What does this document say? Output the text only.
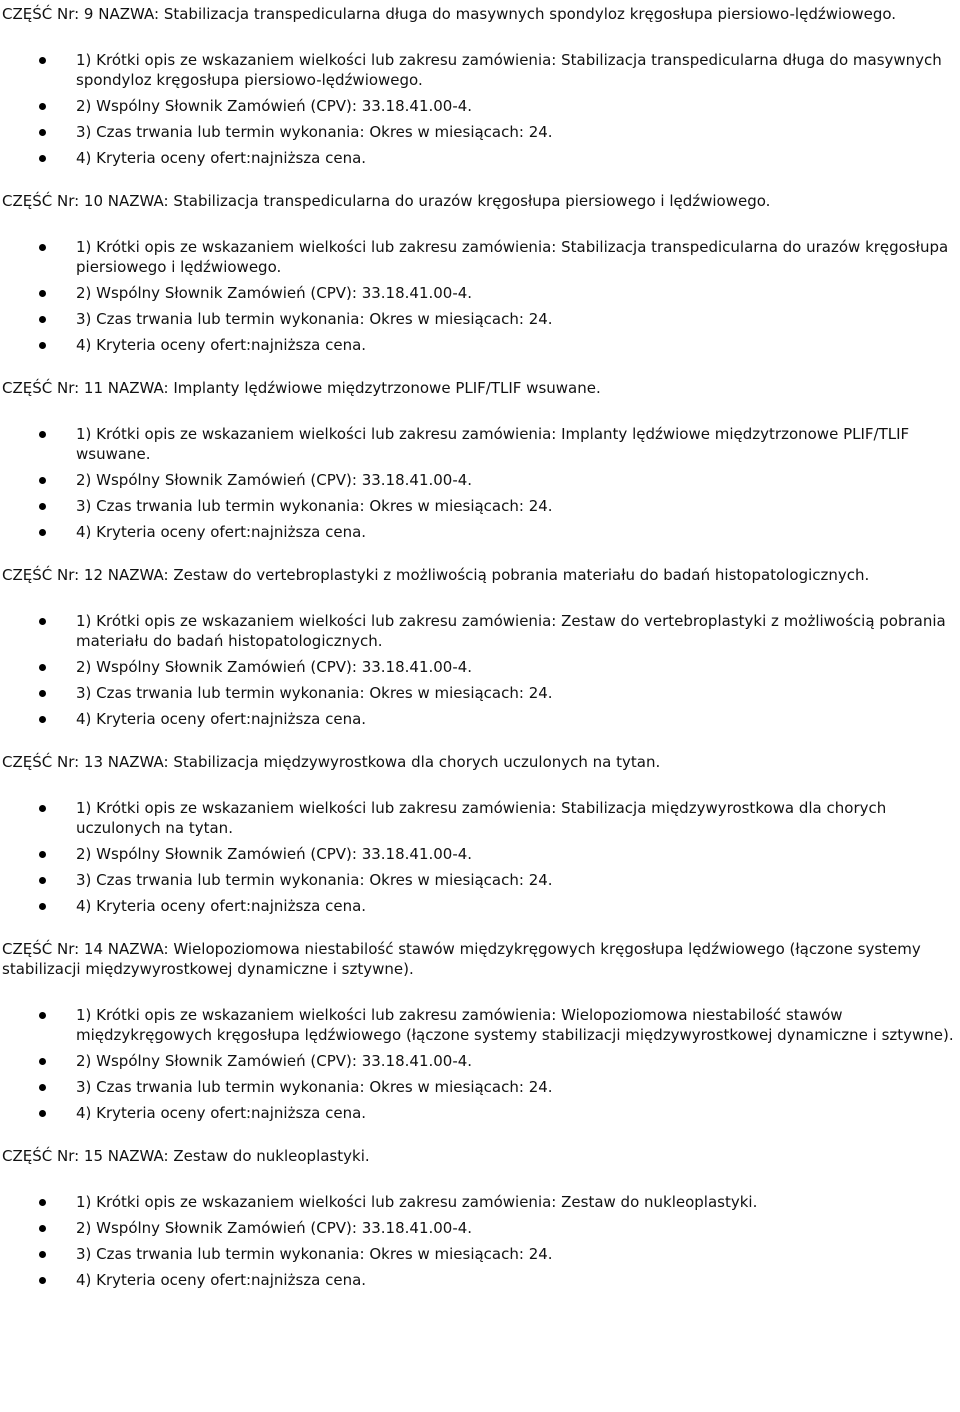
CZĘŚĆ Nr: 9 NAZWA: Stabilizacja transpedicularna długa do masywnych spondyloz kręgosłupa piersiowo-lędźwiowego.

1) Krótki opis ze wskazaniem wielkości lub zakresu zamówienia: Stabilizacja transpedicularna długa do masywnych spondyloz kręgosłupa piersiowo-lędźwiowego.
2) Wspólny Słownik Zamówień (CPV): 33.18.41.00-4.
3) Czas trwania lub termin wykonania: Okres w miesiącach: 24.
4) Kryteria oceny ofert:najniższa cena.

CZĘŚĆ Nr: 10 NAZWA: Stabilizacja transpedicularna do urazów kręgosłupa piersiowego i lędźwiowego.

1) Krótki opis ze wskazaniem wielkości lub zakresu zamówienia: Stabilizacja transpedicularna do urazów kręgosłupa piersiowego i lędźwiowego.
2) Wspólny Słownik Zamówień (CPV): 33.18.41.00-4.
3) Czas trwania lub termin wykonania: Okres w miesiącach: 24.
4) Kryteria oceny ofert:najniższa cena.

CZĘŚĆ Nr: 11 NAZWA: Implanty lędźwiowe międzytrzonowe PLIF/TLIF wsuwane.

1) Krótki opis ze wskazaniem wielkości lub zakresu zamówienia: Implanty lędźwiowe międzytrzonowe PLIF/TLIF wsuwane.
2) Wspólny Słownik Zamówień (CPV): 33.18.41.00-4.
3) Czas trwania lub termin wykonania: Okres w miesiącach: 24.
4) Kryteria oceny ofert:najniższa cena.

CZĘŚĆ Nr: 12 NAZWA: Zestaw do vertebroplastyki z możliwością pobrania materiału do badań histopatologicznych.

1) Krótki opis ze wskazaniem wielkości lub zakresu zamówienia: Zestaw do vertebroplastyki z możliwością pobrania materiału do badań histopatologicznych.
2) Wspólny Słownik Zamówień (CPV): 33.18.41.00-4.
3) Czas trwania lub termin wykonania: Okres w miesiącach: 24.
4) Kryteria oceny ofert:najniższa cena.

CZĘŚĆ Nr: 13 NAZWA: Stabilizacja międzywyrostkowa dla chorych uczulonych na tytan.

1) Krótki opis ze wskazaniem wielkości lub zakresu zamówienia: Stabilizacja międzywyrostkowa dla chorych uczulonych na tytan.
2) Wspólny Słownik Zamówień (CPV): 33.18.41.00-4.
3) Czas trwania lub termin wykonania: Okres w miesiącach: 24.
4) Kryteria oceny ofert:najniższa cena.

CZĘŚĆ Nr: 14 NAZWA: Wielopoziomowa niestabilość stawów międzykręgowych kręgosłupa lędźwiowego (łączone systemy stabilizacji międzywyrostkowej dynamiczne i sztywne).

1) Krótki opis ze wskazaniem wielkości lub zakresu zamówienia: Wielopoziomowa niestabilość stawów międzykręgowych kręgosłupa lędźwiowego (łączone systemy stabilizacji międzywyrostkowej dynamiczne i sztywne).
2) Wspólny Słownik Zamówień (CPV): 33.18.41.00-4.
3) Czas trwania lub termin wykonania: Okres w miesiącach: 24.
4) Kryteria oceny ofert:najniższa cena.

CZĘŚĆ Nr: 15 NAZWA: Zestaw do nukleoplastyki.

1) Krótki opis ze wskazaniem wielkości lub zakresu zamówienia: Zestaw do nukleoplastyki.
2) Wspólny Słownik Zamówień (CPV): 33.18.41.00-4.
3) Czas trwania lub termin wykonania: Okres w miesiącach: 24.
4) Kryteria oceny ofert:najniższa cena.
